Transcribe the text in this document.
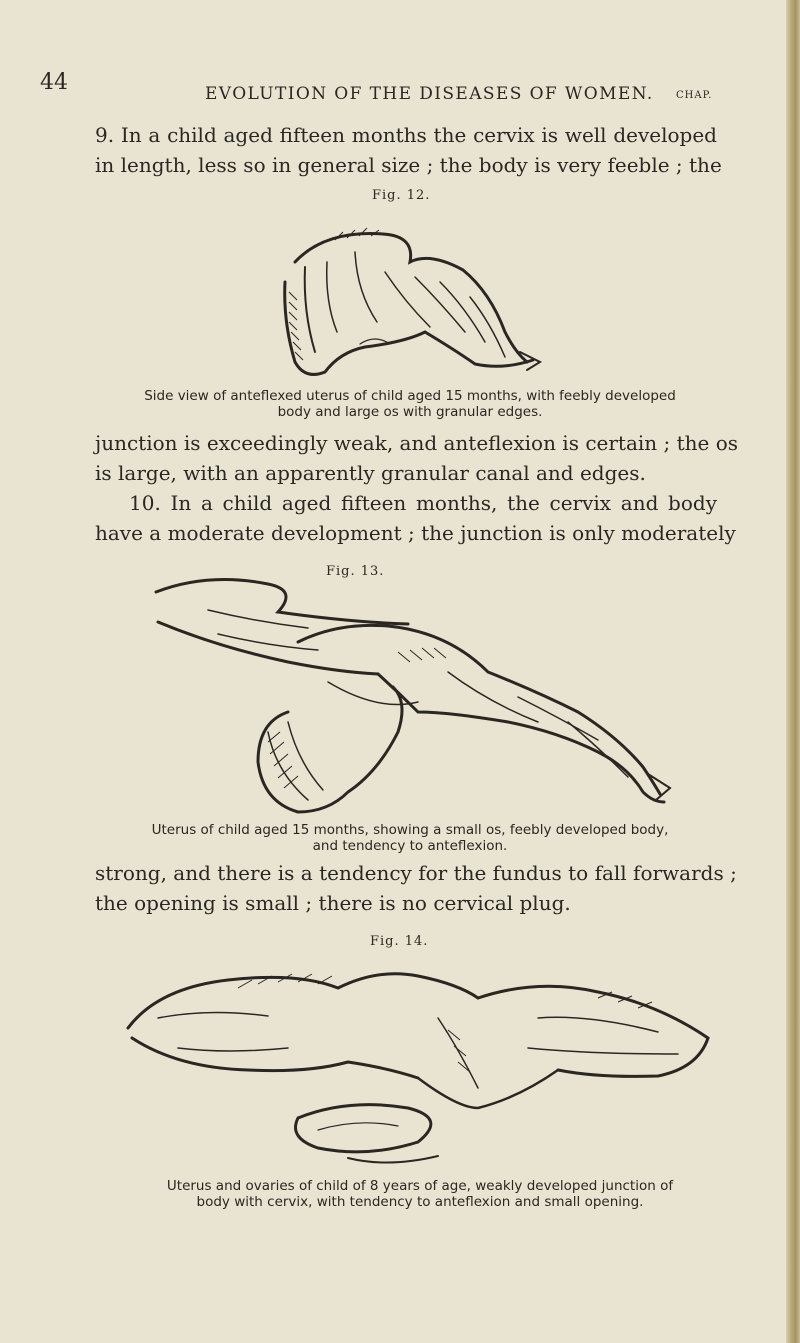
44	EVOLUTION OF THE DISEASES OF WOMEN. CHAP.
9. In a child aged fifteen months the cervix is well developed
in length, less so in general size ; the body is very feeble ; the
Fig. 12.
Side view of anteflexed uterus of child aged 15 months, with feebly developed
body and large os with granular edges.
junction is exceedingly weak, and anteflexion is certain ; the os
is large, with an apparently granular canal and edges.
10. In a child aged fifteen months, the cervix and body
have a moderate development ; the junction is only moderately
Fig. 13.
Uterus of child aged 15 months, showing a small os, feebly developed body,
and tendency to anteflexion.
strong, and there is a tendency for the fundus to fall forwards ;
the opening is small ; there is no cervical plug.
Fig. 14.
Uterus and ovaries of child of 8 years of age, weakly developed junction of
body with cervix, with tendency to anteflexion and small opening.
